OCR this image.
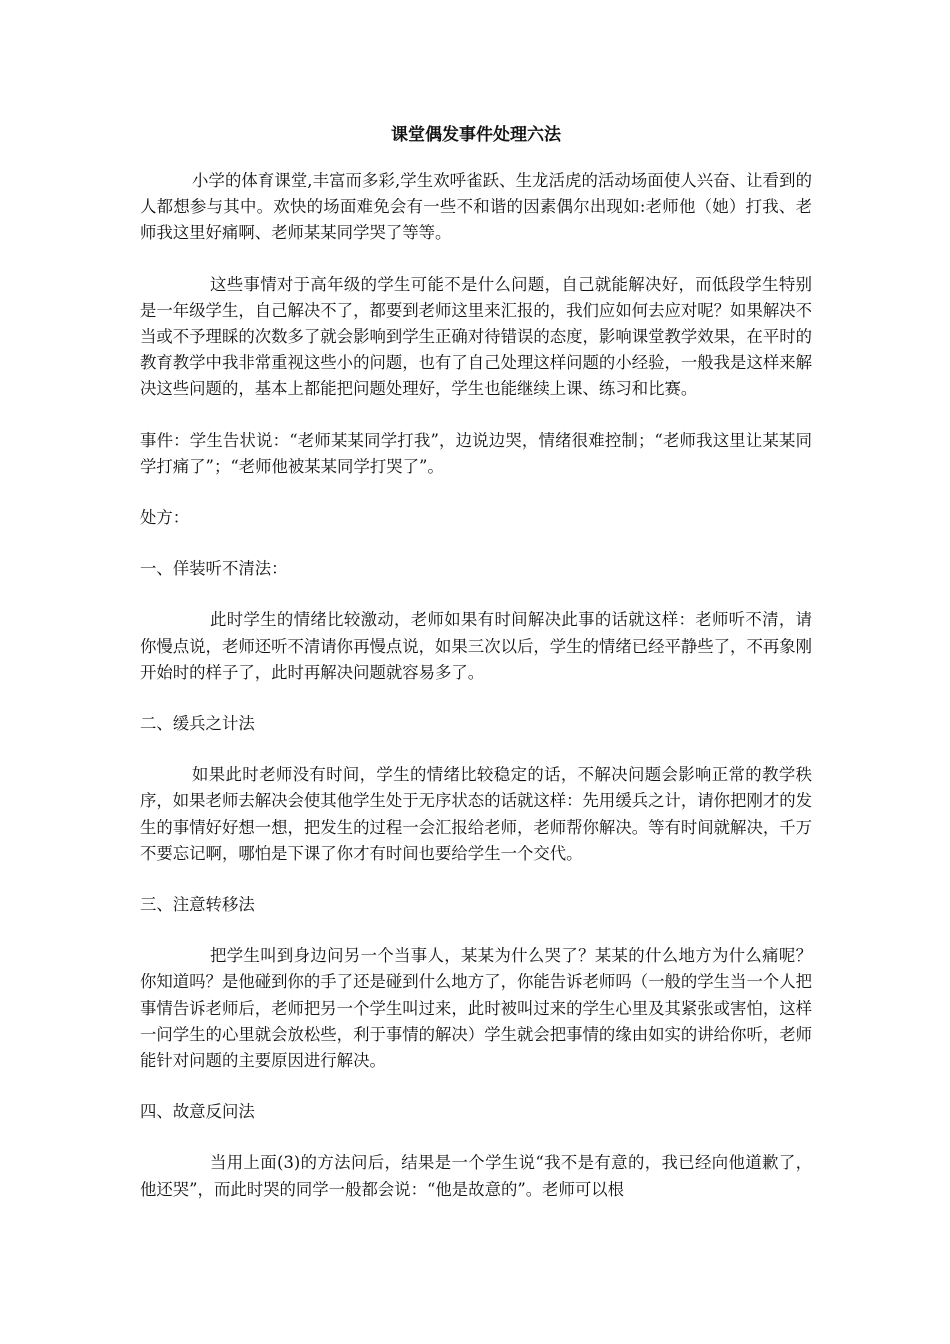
课堂偶发事件处理六法

小学的体育课堂,丰富而多彩,学生欢呼雀跃、生龙活虎的活动场面使人兴奋、让看到的人都想参与其中。欢快的场面难免会有一些不和谐的因素偶尔出现如:老师他（她）打我、老师我这里好痛啊、老师某某同学哭了等等。

这些事情对于高年级的学生可能不是什么问题，自己就能解决好，而低段学生特别是一年级学生，自己解决不了，都要到老师这里来汇报的，我们应如何去应对呢？如果解决不当或不予理睬的次数多了就会影响到学生正确对待错误的态度，影响课堂教学效果，在平时的教育教学中我非常重视这些小的问题，也有了自己处理这样问题的小经验，一般我是这样来解决这些问题的，基本上都能把问题处理好，学生也能继续上课、练习和比赛。

事件：学生告状说：“老师某某同学打我”，边说边哭，情绪很难控制；“老师我这里让某某同学打痛了”；“老师他被某某同学打哭了”。

处方：

一、佯装听不清法：

此时学生的情绪比较激动，老师如果有时间解决此事的话就这样：老师听不清，请你慢点说，老师还听不清请你再慢点说，如果三次以后，学生的情绪已经平静些了，不再象刚开始时的样子了，此时再解决问题就容易多了。

二、缓兵之计法

如果此时老师没有时间，学生的情绪比较稳定的话，不解决问题会影响正常的教学秩序，如果老师去解决会使其他学生处于无序状态的话就这样：先用缓兵之计，请你把刚才的发生的事情好好想一想，把发生的过程一会汇报给老师，老师帮你解决。等有时间就解决，千万不要忘记啊，哪怕是下课了你才有时间也要给学生一个交代。

三、注意转移法

把学生叫到身边问另一个当事人，某某为什么哭了？某某的什么地方为什么痛呢？你知道吗？是他碰到你的手了还是碰到什么地方了，你能告诉老师吗（一般的学生当一个人把事情告诉老师后，老师把另一个学生叫过来，此时被叫过来的学生心里及其紧张或害怕，这样一问学生的心里就会放松些，利于事情的解决）学生就会把事情的缘由如实的讲给你听，老师能针对问题的主要原因进行解决。

四、故意反问法

当用上面(3)的方法问后，结果是一个学生说“我不是有意的，我已经向他道歉了，他还哭”，而此时哭的同学一般都会说：“他是故意的”。老师可以根
